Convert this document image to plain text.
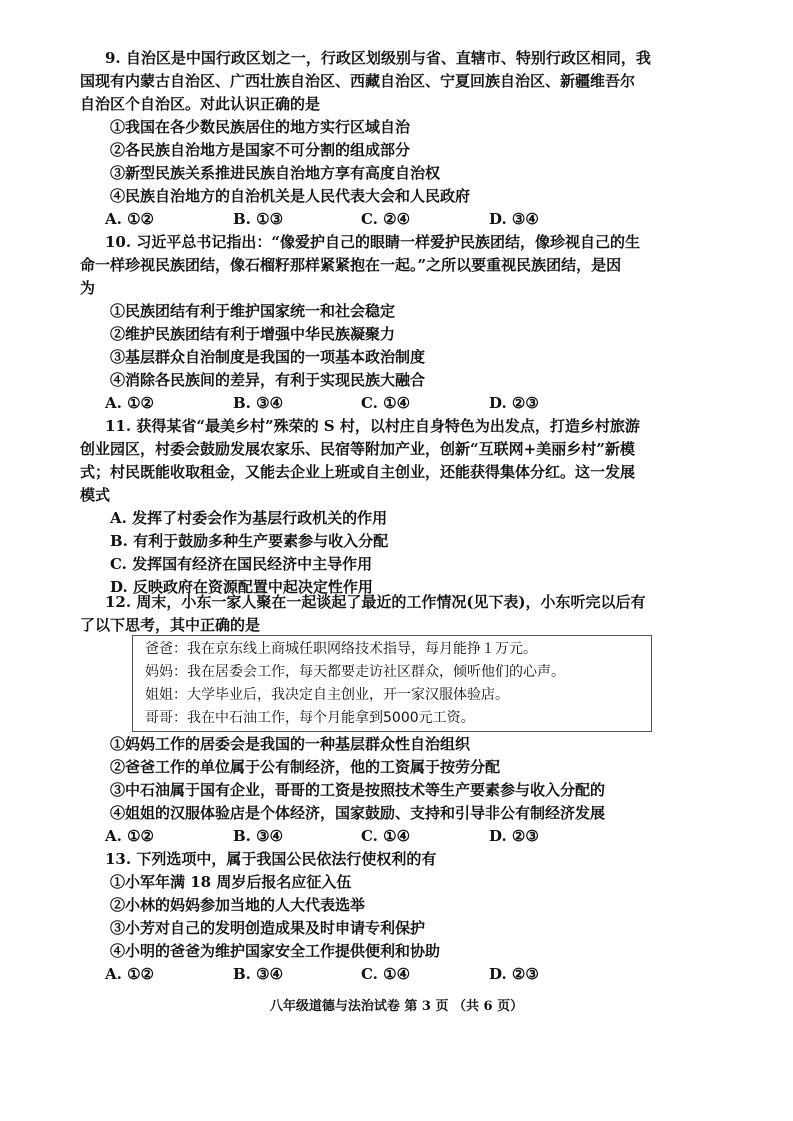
9. 自治区是中国行政区划之一，行政区划级别与省、直辖市、特别行政区相同，我
国现有内蒙古自治区、广西壮族自治区、西藏自治区、宁夏回族自治区、新疆维吾尔
自治区个自治区。对此认识正确的是
①我国在各少数民族居住的地方实行区域自治
②各民族自治地方是国家不可分割的组成部分
③新型民族关系推进民族自治地方享有高度自治权
④民族自治地方的自治机关是人民代表大会和人民政府
A. ①②	B. ①③	C. ②④	D. ③④
10. 习近平总书记指出：“像爱护自己的眼睛一样爱护民族团结，像珍视自己的生
命一样珍视民族团结，像石榴籽那样紧紧抱在一起。”之所以要重视民族团结，是因
为
①民族团结有利于维护国家统一和社会稳定
②维护民族团结有利于增强中华民族凝聚力
③基层群众自治制度是我国的一项基本政治制度
④消除各民族间的差异，有利于实现民族大融合
A. ①②	B. ③④	C. ①④	D. ②③
11. 获得某省“最美乡村”殊荣的 S 村，以村庄自身特色为出发点，打造乡村旅游
创业园区，村委会鼓励发展农家乐、民宿等附加产业，创新“互联网+美丽乡村”新模
式；村民既能收取租金，又能去企业上班或自主创业，还能获得集体分红。这一发展
模式
A. 发挥了村委会作为基层行政机关的作用
B. 有利于鼓励多种生产要素参与收入分配
C. 发挥国有经济在国民经济中主导作用
D. 反映政府在资源配置中起决定性作用
12. 周末，小东一家人聚在一起谈起了最近的工作情况(见下表)，小东听完以后有
了以下思考，其中正确的是
爸爸：我在京东线上商城任职网络技术指导，每月能挣１万元。
妈妈：我在居委会工作，每天都要走访社区群众，倾听他们的心声。
姐姐：大学毕业后，我决定自主创业，开一家汉服体验店。
哥哥：我在中石油工作，每个月能拿到5000元工资。
①妈妈工作的居委会是我国的一种基层群众性自治组织
②爸爸工作的单位属于公有制经济，他的工资属于按劳分配
③中石油属于国有企业，哥哥的工资是按照技术等生产要素参与收入分配的
④姐姐的汉服体验店是个体经济，国家鼓励、支持和引导非公有制经济发展
A. ①②	B. ③④	C. ①④	D. ②③
13. 下列选项中，属于我国公民依法行使权利的有
①小军年满 18 周岁后报名应征入伍
②小林的妈妈参加当地的人大代表选举
③小芳对自己的发明创造成果及时申请专利保护
④小明的爸爸为维护国家安全工作提供便利和协助
A. ①②	B. ③④	C. ①④	D. ②③
八年级道德与法治试卷 第 3 页 （共 6 页）
